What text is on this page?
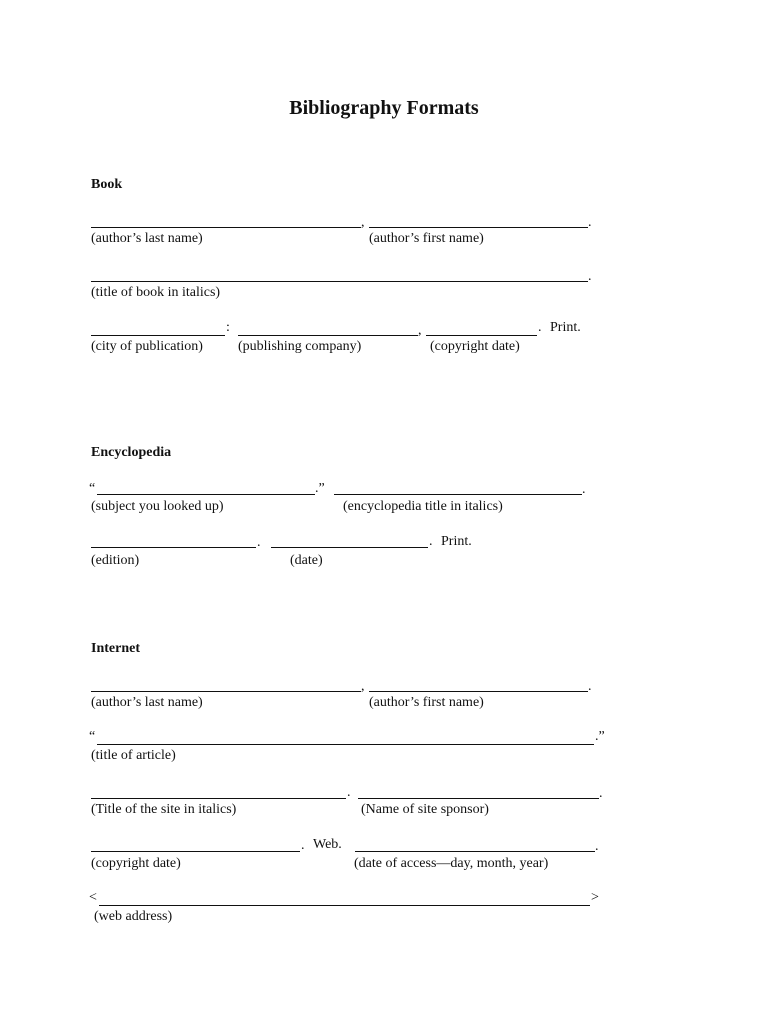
Bibliography Formats
Book
,	.
(author’s last name)	(author’s first name)
.
(title of book in italics)
:	,	. Print.
(city of publication)	(publishing company)	(copyright date)
Encyclopedia
“	.”	.
(subject you looked up)	(encyclopedia title in italics)
.	. Print.
(edition)	(date)
Internet
,	.
(author’s last name)	(author’s first name)
“	.”
(title of article)
.	.
(Title of the site in italics)	(Name of site sponsor)
. Web.	.
(copyright date)	(date of access—day, month, year)
<	>
(web address)
